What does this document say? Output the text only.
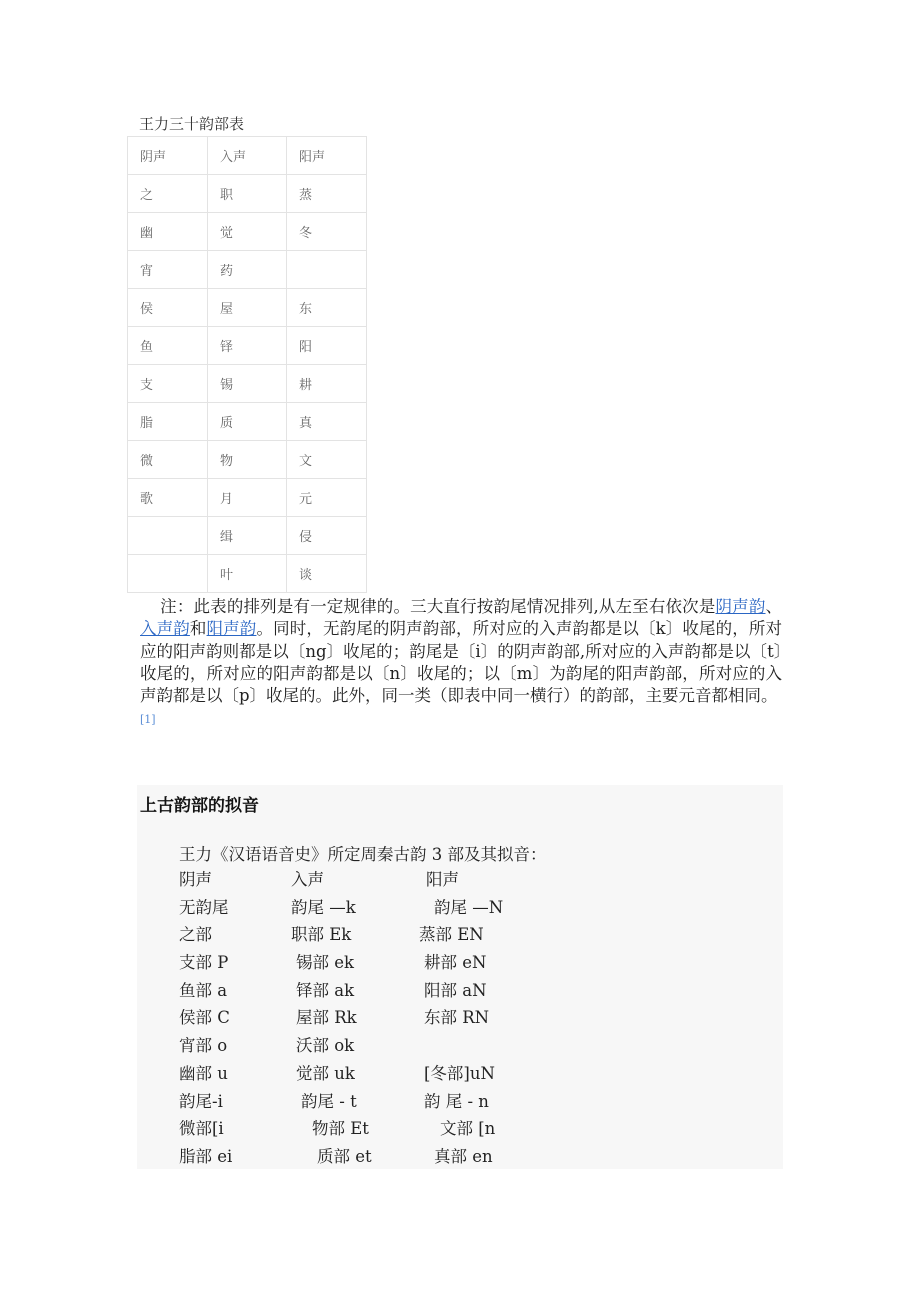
王力三十韵部表
阴声	入声	阳声
之	职	蒸
幽	觉	冬
宵	药	
侯	屋	东
鱼	铎	阳
支	锡	耕
脂	质	真
微	物	文
歌	月	元
	缉	侵
	叶	谈
注：此表的排列是有一定规律的。三大直行按韵尾情况排列,从左至右依次是阴声韵、入声韵和阳声韵。同时，无韵尾的阴声韵部，所对应的入声韵都是以〔k〕收尾的，所对应的阳声韵则都是以〔ng〕收尾的；韵尾是〔i〕的阴声韵部,所对应的入声韵都是以〔t〕收尾的，所对应的阳声韵都是以〔n〕收尾的；以〔m〕为韵尾的阳声韵部，所对应的入声韵都是以〔p〕收尾的。此外，同一类（即表中同一横行）的韵部，主要元音都相同。
[1]
上古韵部的拟音
王力《汉语语音史》所定周秦古韵 3 部及其拟音：
阴声	入声	阳声
无韵尾	韵尾 —k	韵尾 —N
之部	职部 Ek	蒸部 EN
支部 P	锡部 ek	耕部 eN
鱼部 a	铎部 ak	阳部 aN
侯部 C	屋部 Rk	东部 RN
宵部 o	沃部 ok
幽部 u	觉部 uk	[冬部]uN
韵尾-i	韵尾 - t	韵 尾 - n
微部[i	物部 Et	文部 [n
脂部 ei	质部 et	真部 en
